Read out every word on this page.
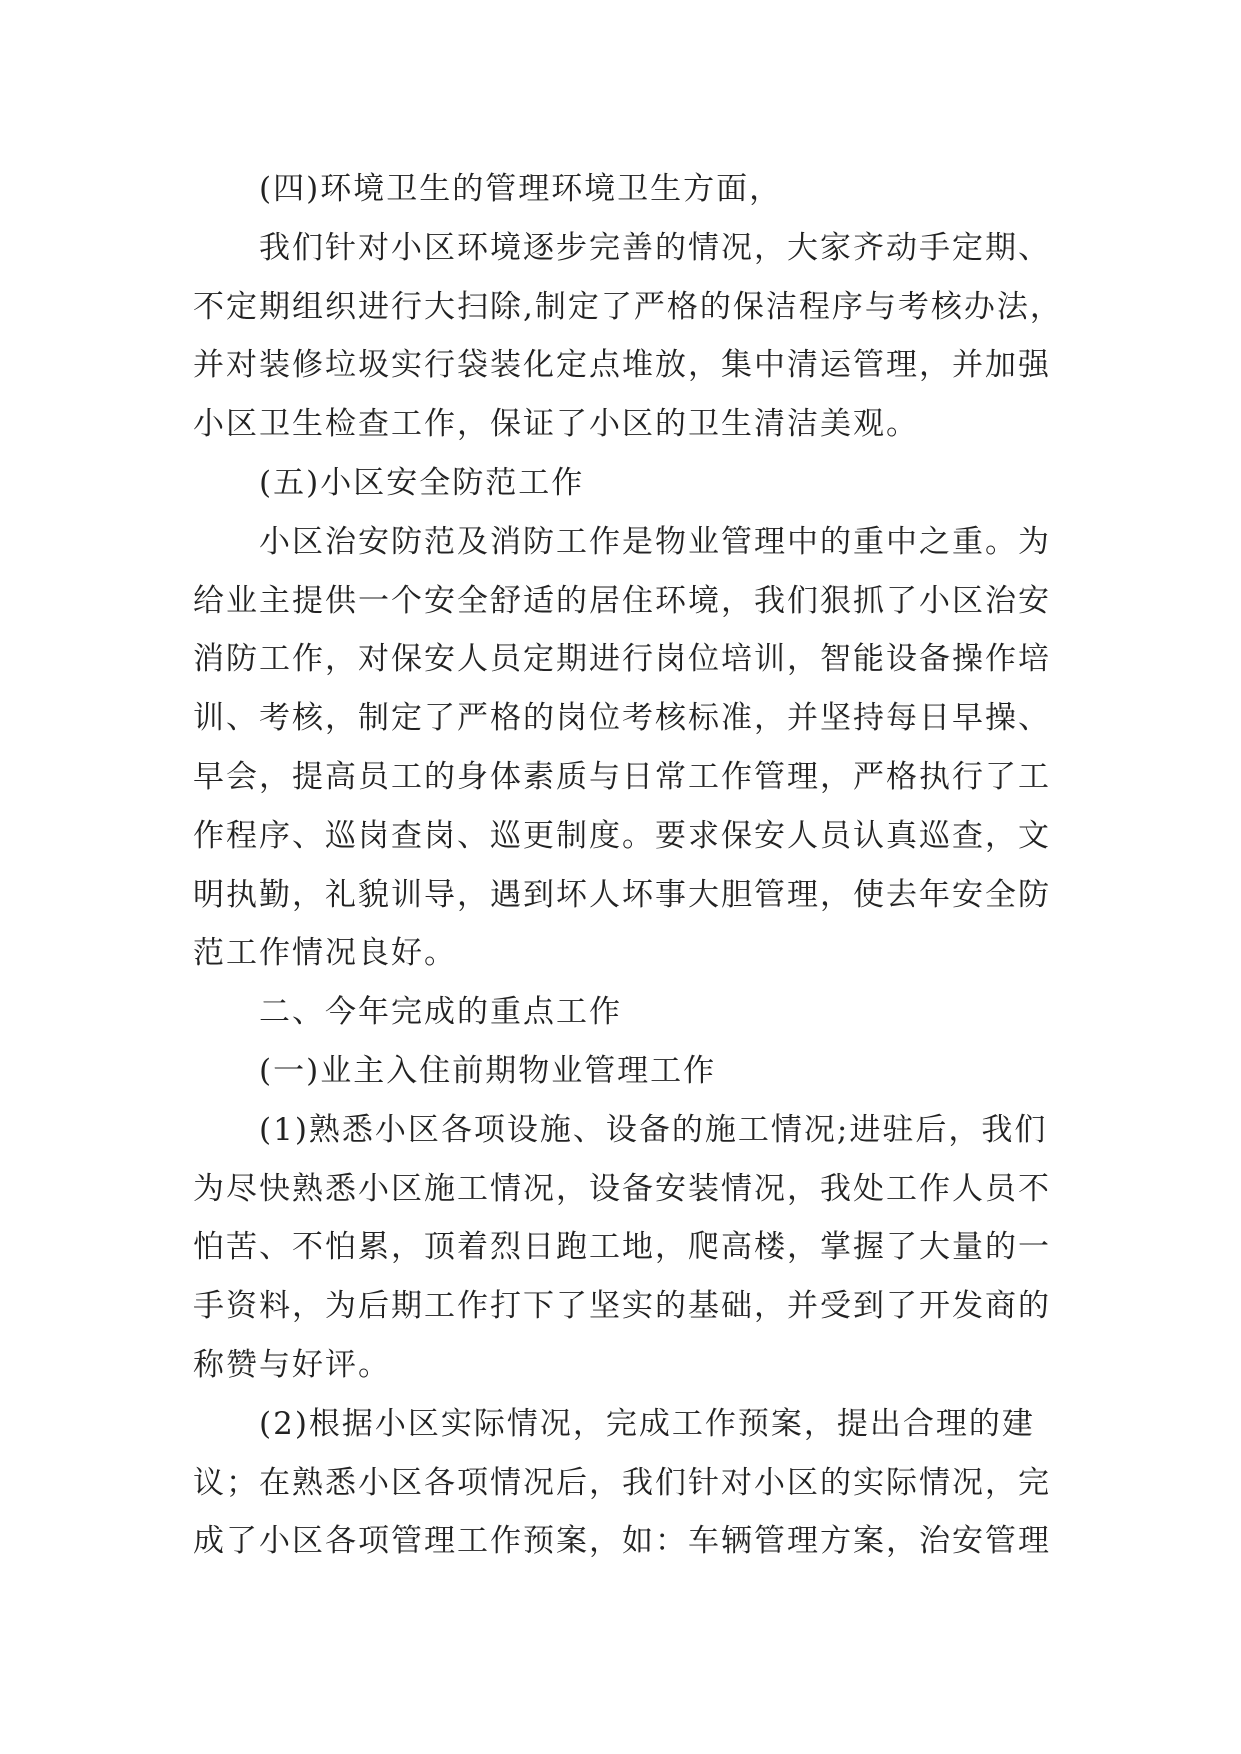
(四)环境卫生的管理环境卫生方面，
我们针对小区环境逐步完善的情况，大家齐动手定期、
不定期组织进行大扫除,制定了严格的保洁程序与考核办法，
并对装修垃圾实行袋装化定点堆放，集中清运管理，并加强
小区卫生检查工作，保证了小区的卫生清洁美观。
(五)小区安全防范工作
小区治安防范及消防工作是物业管理中的重中之重。为
给业主提供一个安全舒适的居住环境，我们狠抓了小区治安
消防工作，对保安人员定期进行岗位培训，智能设备操作培
训、考核，制定了严格的岗位考核标准，并坚持每日早操、
早会，提高员工的身体素质与日常工作管理，严格执行了工
作程序、巡岗查岗、巡更制度。要求保安人员认真巡查，文
明执勤，礼貌训导，遇到坏人坏事大胆管理，使去年安全防
范工作情况良好。
二、今年完成的重点工作
(一)业主入住前期物业管理工作
(1)熟悉小区各项设施、设备的施工情况;进驻后，我们
为尽快熟悉小区施工情况，设备安装情况，我处工作人员不
怕苦、不怕累，顶着烈日跑工地，爬高楼，掌握了大量的一
手资料，为后期工作打下了坚实的基础，并受到了开发商的
称赞与好评。
(2)根据小区实际情况，完成工作预案，提出合理的建
议；在熟悉小区各项情况后，我们针对小区的实际情况，完
成了小区各项管理工作预案，如：车辆管理方案，治安管理
